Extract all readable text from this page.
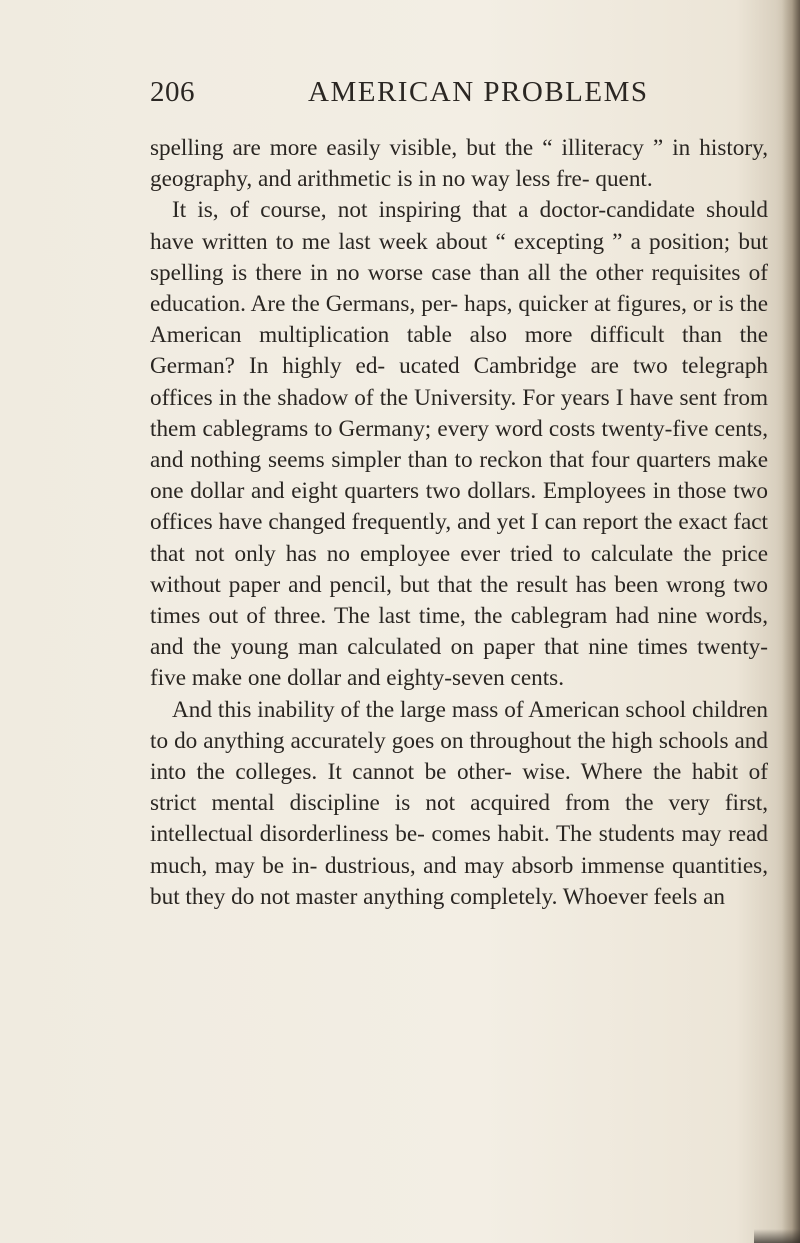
206	AMERICAN PROBLEMS

spelling are more easily visible, but the “ illiteracy ” in history, geography, and arithmetic is in no way less fre- quent.

It is, of course, not inspiring that a doctor-candidate should have written to me last week about “ excepting ” a position; but spelling is there in no worse case than all the other requisites of education. Are the Germans, per- haps, quicker at figures, or is the American multiplication table also more difficult than the German? In highly ed- ucated Cambridge are two telegraph offices in the shadow of the University. For years I have sent from them cablegrams to Germany; every word costs twenty-five cents, and nothing seems simpler than to reckon that four quarters make one dollar and eight quarters two dollars. Employees in those two offices have changed frequently, and yet I can report the exact fact that not only has no employee ever tried to calculate the price without paper and pencil, but that the result has been wrong two times out of three. The last time, the cablegram had nine words, and the young man calculated on paper that nine times twenty-five make one dollar and eighty-seven cents.

And this inability of the large mass of American school children to do anything accurately goes on throughout the high schools and into the colleges. It cannot be other- wise. Where the habit of strict mental discipline is not acquired from the very first, intellectual disorderliness be- comes habit. The students may read much, may be in- dustrious, and may absorb immense quantities, but they do not master anything completely. Whoever feels an
